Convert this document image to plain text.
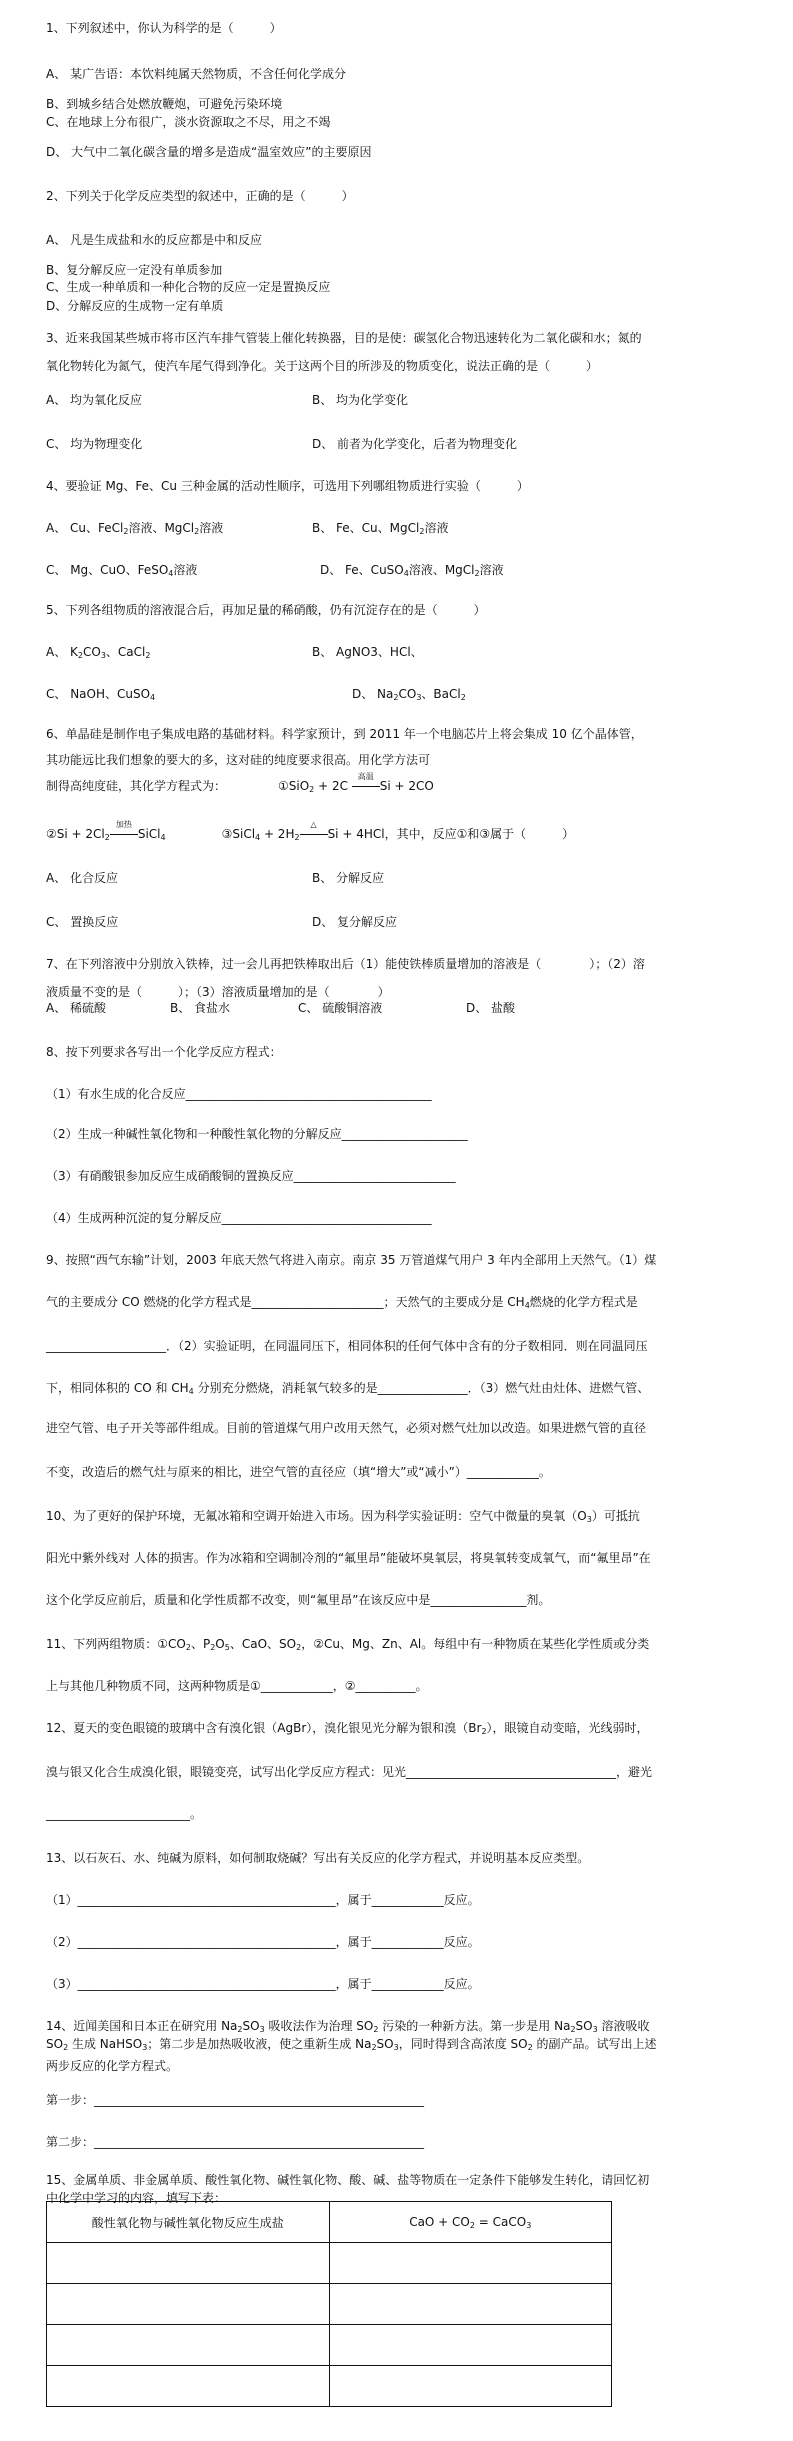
1、下列叙述中，你认为科学的是（　　　）
A、 某广告语：本饮料纯属天然物质，不含任何化学成分
B、到城乡结合处燃放鞭炮，可避免污染环境
C、在地球上分布很广，淡水资源取之不尽，用之不竭
D、 大气中二氧化碳含量的增多是造成“温室效应”的主要原因
2、下列关于化学反应类型的叙述中，正确的是（　　　）
A、 凡是生成盐和水的反应都是中和反应
B、复分解反应一定没有单质参加
C、生成一种单质和一种化合物的反应一定是置换反应
D、分解反应的生成物一定有单质
3、近来我国某些城市将市区汽车排气管装上催化转换器，目的是使：碳氢化合物迅速转化为二氧化碳和水；氮的
氧化物转化为氮气，使汽车尾气得到净化。关于这两个目的所涉及的物质变化，说法正确的是（　　　）
A、 均为氧化反应	B、 均为化学变化
C、 均为物理变化	D、 前者为化学变化，后者为物理变化
4、要验证 Mg、Fe、Cu 三种金属的活动性顺序，可选用下列哪组物质进行实验（　　　）
A、 Cu、FeCl$_2$溶液、MgCl$_2$溶液	B、 Fe、Cu、MgCl$_2$溶液
C、 Mg、CuO、FeSO$_4$溶液	D、 Fe、CuSO$_4$溶液、MgCl$_2$溶液
5、下列各组物质的溶液混合后，再加足量的稀硝酸，仍有沉淀存在的是（　　　）
A、 $K_2CO_3$、CaCl$_2$	B、 AgNO3、HCl、
C、 NaOH、CuSO$_4$	D、 $Na_2CO_3$、BaCl$_2$
6、单晶硅是制作电子集成电路的基础材料。科学家预计，到 2011 年一个电脑芯片上将会集成 10 亿个晶体管，
其功能远比我们想象的要大的多，这对硅的纯度要求很高。用化学方法可
制得高纯度硅，其化学方程式为：	①SiO$_2$ + 2C
高温
Si + 2CO
②Si + $2Cl_2$
加热
SiCl$_4$	③SiCl$_4$ + $2H_2$
△
Si + 4HCl，其中，反应①和③属于（　　　）
A、 化合反应	B、 分解反应
C、 置换反应	D、 复分解反应
7、在下列溶液中分别放入铁棒，过一会儿再把铁棒取出后（1）能使铁棒质量增加的溶液是（　　　　）；（2）溶
液质量不变的是（　　　）；（3）溶液质量增加的是（　　　　）
A、 稀硫酸	B、 食盐水	C、 硫酸铜溶液	D、 盐酸
8、按下列要求各写出一个化学反应方程式：
（1）有水生成的化合反应_________________________________________
（2）生成一种碱性氧化物和一种酸性氧化物的分解反应_____________________
（3）有硝酸银参加反应生成硝酸铜的置换反应___________________________
（4）生成两种沉淀的复分解反应___________________________________
9、按照“西气东输”计划，2003 年底天然气将进入南京。南京 35 万管道煤气用户 3 年内全部用上天然气。（1）煤
气的主要成分 CO 燃烧的化学方程式是______________________；天然气的主要成分是 $CH_4$燃烧的化学方程式是
____________________．（2）实验证明，在同温同压下，相同体积的任何气体中含有的分子数相同．则在同温同压
下，相同体积的 CO 和 $CH_4$ 分别充分燃烧，消耗氧气较多的是_______________．（3）燃气灶由灶体、进燃气管、
进空气管、电子开关等部件组成。目前的管道煤气用户改用天然气，必须对燃气灶加以改造。如果进燃气管的直径
不变，改造后的燃气灶与原来的相比，进空气管的直径应（填“增大”或“减小”）____________。
10、为了更好的保护环境，无氟冰箱和空调开始进入市场。因为科学实验证明：空气中微量的臭氧$(O_3)$可抵抗
阳光中紫外线对 人体的损害。作为冰箱和空调制冷剂的“氟里昂”能破坏臭氧层，将臭氧转变成氧气，而“氟里昂”在
这个化学反应前后，质量和化学性质都不改变，则“氟里昂”在该反应中是________________剂。
11、下列两组物质：$①CO_2$、$P_2O_5$、CaO、$SO_2$，②Cu、Mg、Zn、Al。每组中有一种物质在某些化学性质或分类
上与其他几种物质不同，这两种物质是①____________，②__________。
12、夏天的变色眼镜的玻璃中含有溴化银（AgBr），溴化银见光分解为银和溴$(Br_2)$，眼镜自动变暗，光线弱时，
溴与银又化合生成溴化银，眼镜变亮，试写出化学反应方程式：见光___________________________________，避光
________________________。
13、以石灰石、水、纯碱为原料，如何制取烧碱？写出有关反应的化学方程式，并说明基本反应类型。
（1）___________________________________________，属于____________反应。
（2）___________________________________________，属于____________反应。
（3）___________________________________________，属于____________反应。
14、近闻美国和日本正在研究用 $Na_2SO_3$ 吸收法作为治理 $SO_2$ 污染的一种新方法。第一步是用 $Na_2SO_3$ 溶液吸收
$SO_2$ 生成 NaHSO$_3$；第二步是加热吸收液，使之重新生成 $Na_2SO_3$，同时得到含高浓度 $SO_2$ 的副产品。试写出上述
两步反应的化学方程式。
第一步：_______________________________________________________
第二步：_______________________________________________________
15、金属单质、非金属单质、酸性氧化物、碱性氧化物、酸、碱、盐等物质在一定条件下能够发生转化，请回忆初
中化学中学习的内容，填写下表：
酸性氧化物与碱性氧化物反应生成盐	CaO + $CO_2$ = CaCO$_3$
